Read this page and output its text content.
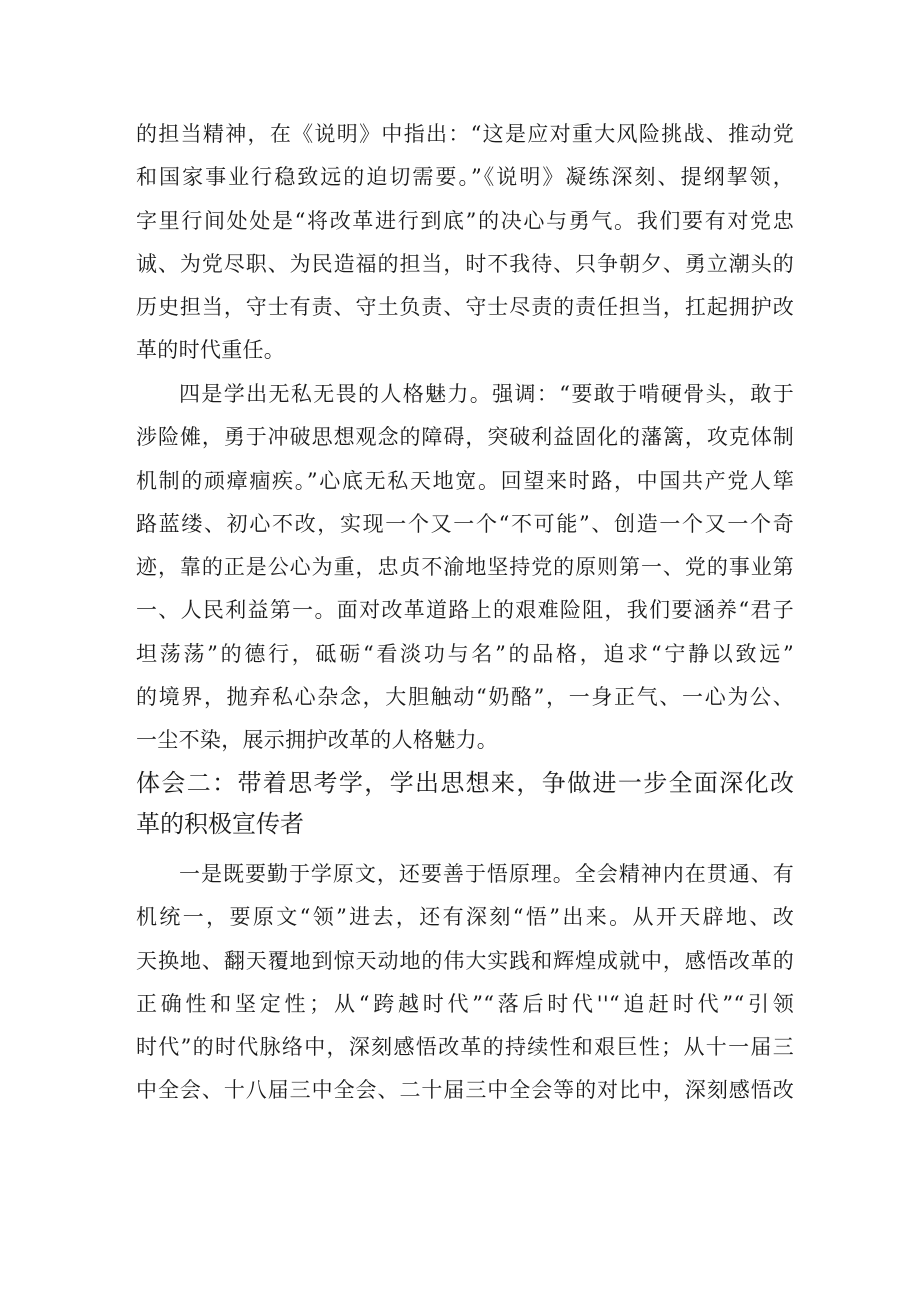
的担当精神，在《说明》中指出：“这是应对重大风险挑战、推动党
和国家事业行稳致远的迫切需要。”《说明》凝练深刻、提纲挈领，
字里行间处处是“将改革进行到底”的决心与勇气。我们要有对党忠
诚、为党尽职、为民造福的担当，时不我待、只争朝夕、勇立潮头的
历史担当，守士有责、守土负责、守士尽责的责任担当，扛起拥护改
革的时代重任。
四是学出无私无畏的人格魅力。强调：“要敢于啃硬骨头，敢于
涉险傩，勇于冲破思想观念的障碍，突破利益固化的藩篱，攻克体制
机制的顽瘴痼疾。”心底无私天地宽。回望来时路，中国共产党人筚
路蓝缕、初心不改，实现一个又一个“不可能”、创造一个又一个奇
迹，靠的正是公心为重，忠贞不渝地坚持党的原则第一、党的事业第
一、人民利益第一。面对改革道路上的艰难险阻，我们要涵养“君子
坦荡荡”的德行，砥砺“看淡功与名”的品格，追求“宁静以致远”
的境界，抛弃私心杂念，大胆触动“奶酪”，一身正气、一心为公、
一尘不染，展示拥护改革的人格魅力。
体会二：带着思考学，学出思想来，争做进一步全面深化改
革的积极宣传者
一是既要勤于学原文，还要善于悟原理。全会精神内在贯通、有
机统一，要原文“领”进去，还有深刻“悟”出来。从开天辟地、改
天换地、翻天覆地到惊天动地的伟大实践和辉煌成就中，感悟改革的
正确性和坚定性；从“跨越时代”“落后时代''“追赶时代”“引领
时代”的时代脉络中，深刻感悟改革的持续性和艰巨性；从十一届三
中全会、十八届三中全会、二十届三中全会等的对比中，深刻感悟改
